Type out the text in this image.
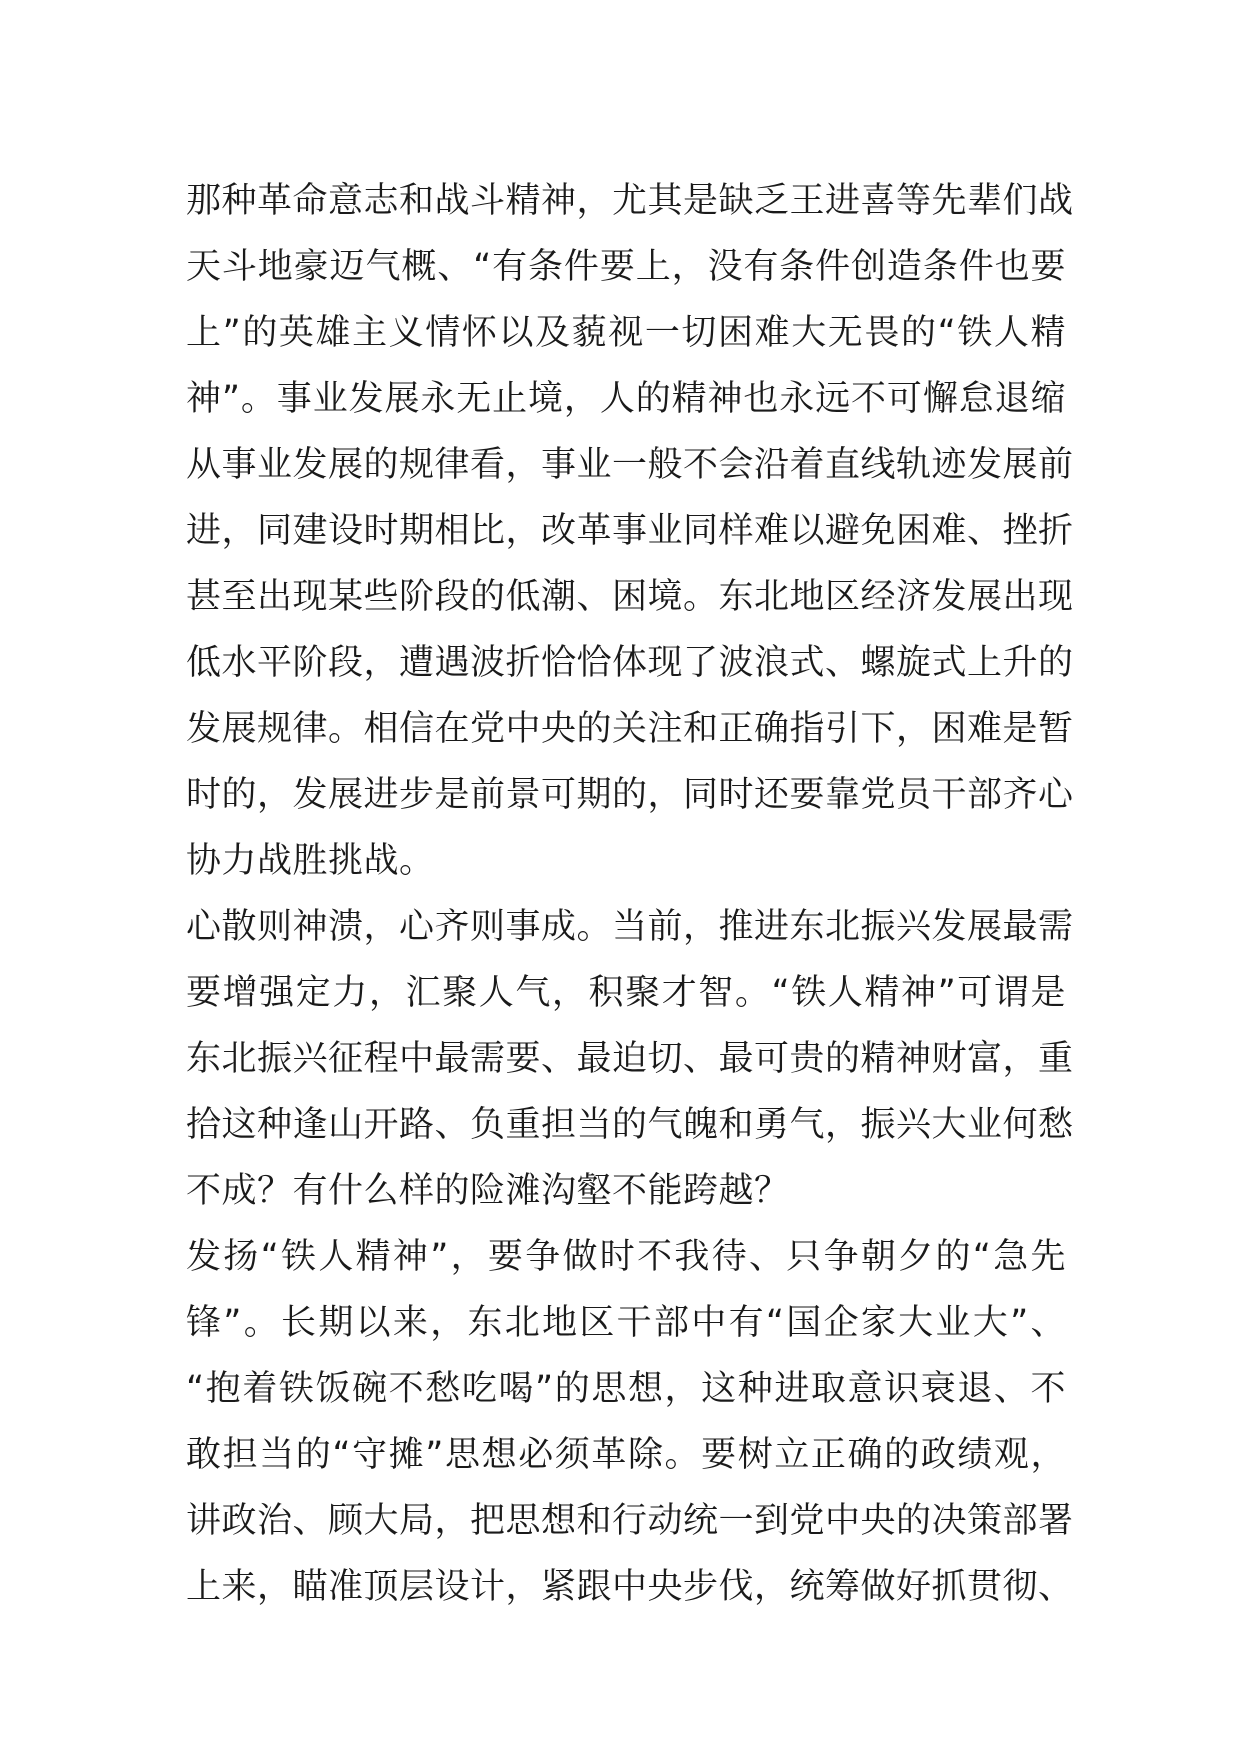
那种革命意志和战斗精神，尤其是缺乏王进喜等先辈们战
天斗地豪迈气概、“有条件要上，没有条件创造条件也要
上”的英雄主义情怀以及藐视一切困难大无畏的“铁人精
神”。事业发展永无止境，人的精神也永远不可懈怠退缩
从事业发展的规律看，事业一般不会沿着直线轨迹发展前
进，同建设时期相比，改革事业同样难以避免困难、挫折
甚至出现某些阶段的低潮、困境。东北地区经济发展出现
低水平阶段，遭遇波折恰恰体现了波浪式、螺旋式上升的
发展规律。相信在党中央的关注和正确指引下，困难是暂
时的，发展进步是前景可期的，同时还要靠党员干部齐心
协力战胜挑战。
心散则神溃，心齐则事成。当前，推进东北振兴发展最需
要增强定力，汇聚人气，积聚才智。“铁人精神”可谓是
东北振兴征程中最需要、最迫切、最可贵的精神财富，重
拾这种逢山开路、负重担当的气魄和勇气，振兴大业何愁
不成？有什么样的险滩沟壑不能跨越？
发扬“铁人精神”，要争做时不我待、只争朝夕的“急先
锋”。长期以来，东北地区干部中有“国企家大业大”、
“抱着铁饭碗不愁吃喝”的思想，这种进取意识衰退、不
敢担当的“守摊”思想必须革除。要树立正确的政绩观，
讲政治、顾大局，把思想和行动统一到党中央的决策部署
上来，瞄准顶层设计，紧跟中央步伐，统筹做好抓贯彻、
